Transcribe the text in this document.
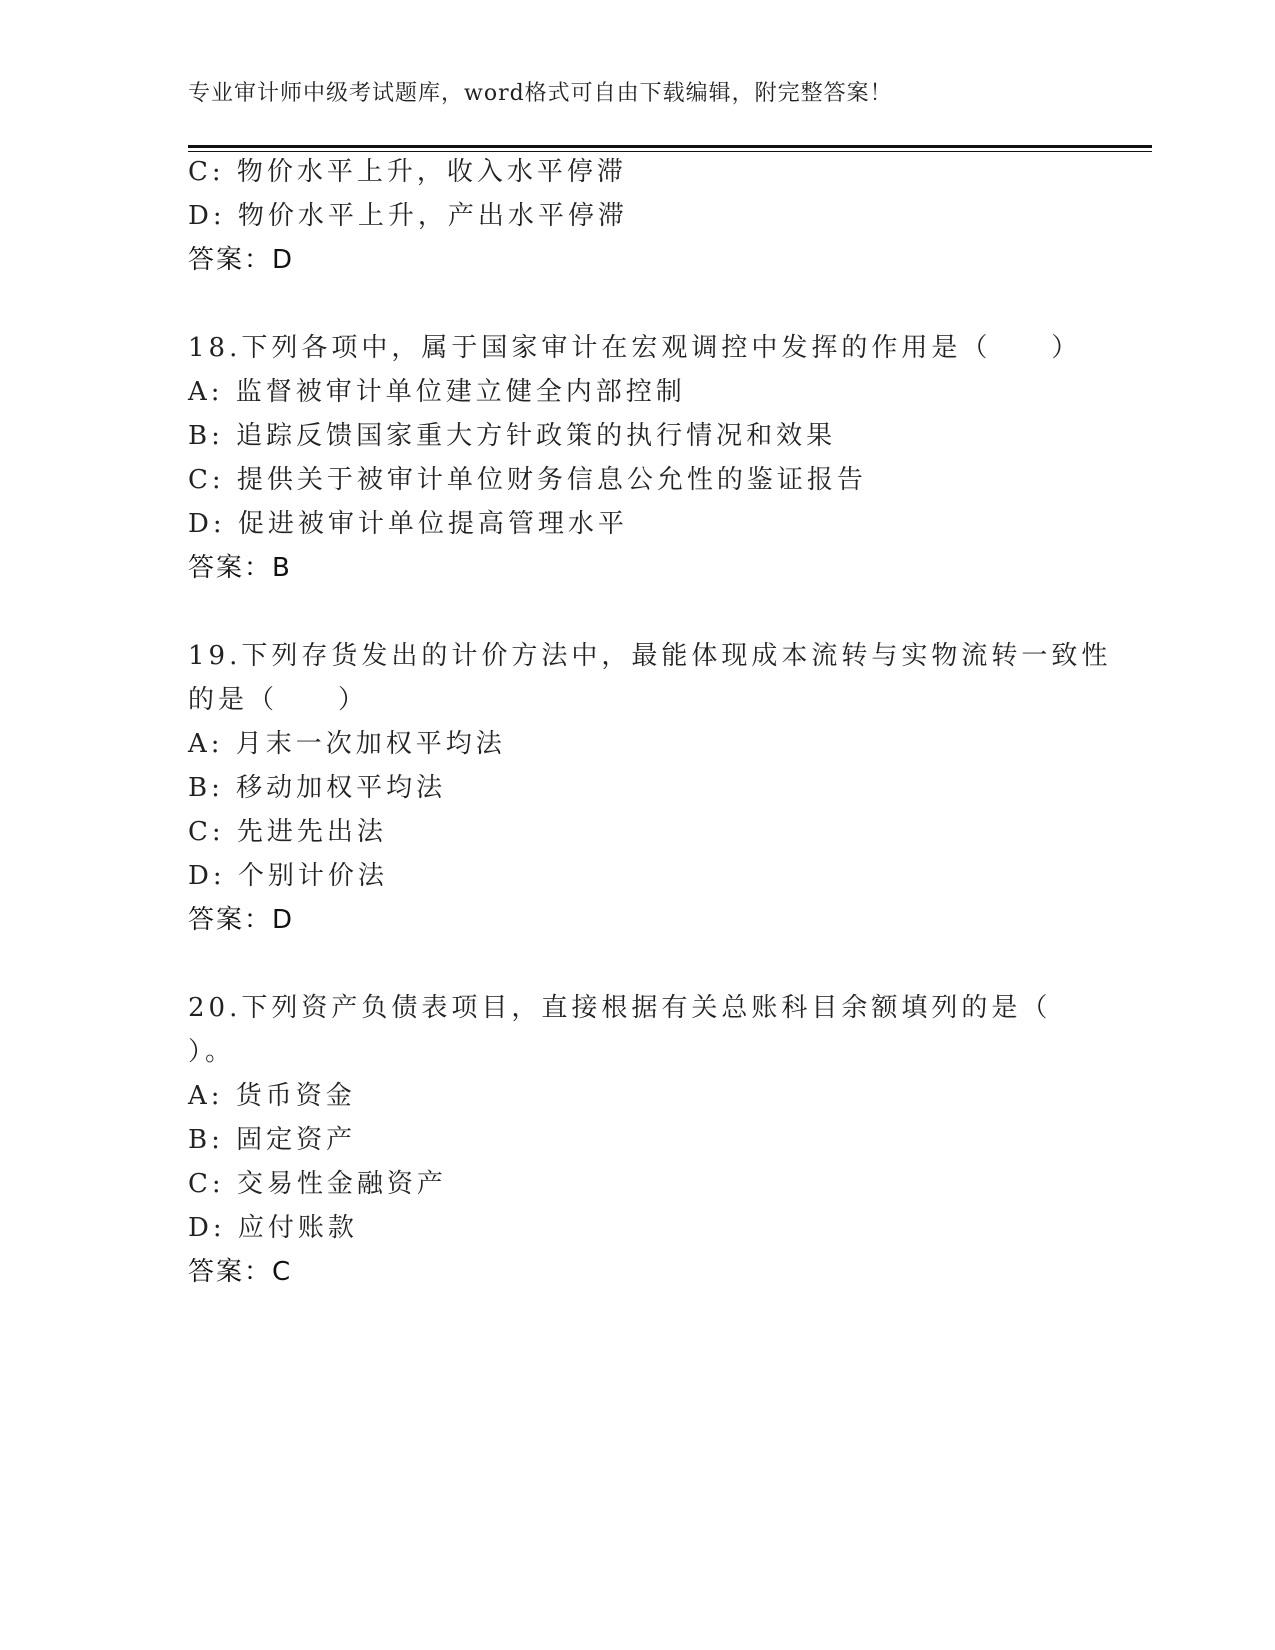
专业审计师中级考试题库，word格式可自由下载编辑，附完整答案！
C: 物价水平上升，收入水平停滞
D: 物价水平上升，产出水平停滞
答案：D
18.下列各项中，属于国家审计在宏观调控中发挥的作用是（　　）
A: 监督被审计单位建立健全内部控制
B: 追踪反馈国家重大方针政策的执行情况和效果
C: 提供关于被审计单位财务信息公允性的鉴证报告
D: 促进被审计单位提高管理水平
答案：B
19.下列存货发出的计价方法中，最能体现成本流转与实物流转一致性
的是（　　）
A: 月末一次加权平均法
B: 移动加权平均法
C: 先进先出法
D: 个别计价法
答案：D
20.下列资产负债表项目，直接根据有关总账科目余额填列的是（
）。
A: 货币资金
B: 固定资产
C: 交易性金融资产
D: 应付账款
答案：C
